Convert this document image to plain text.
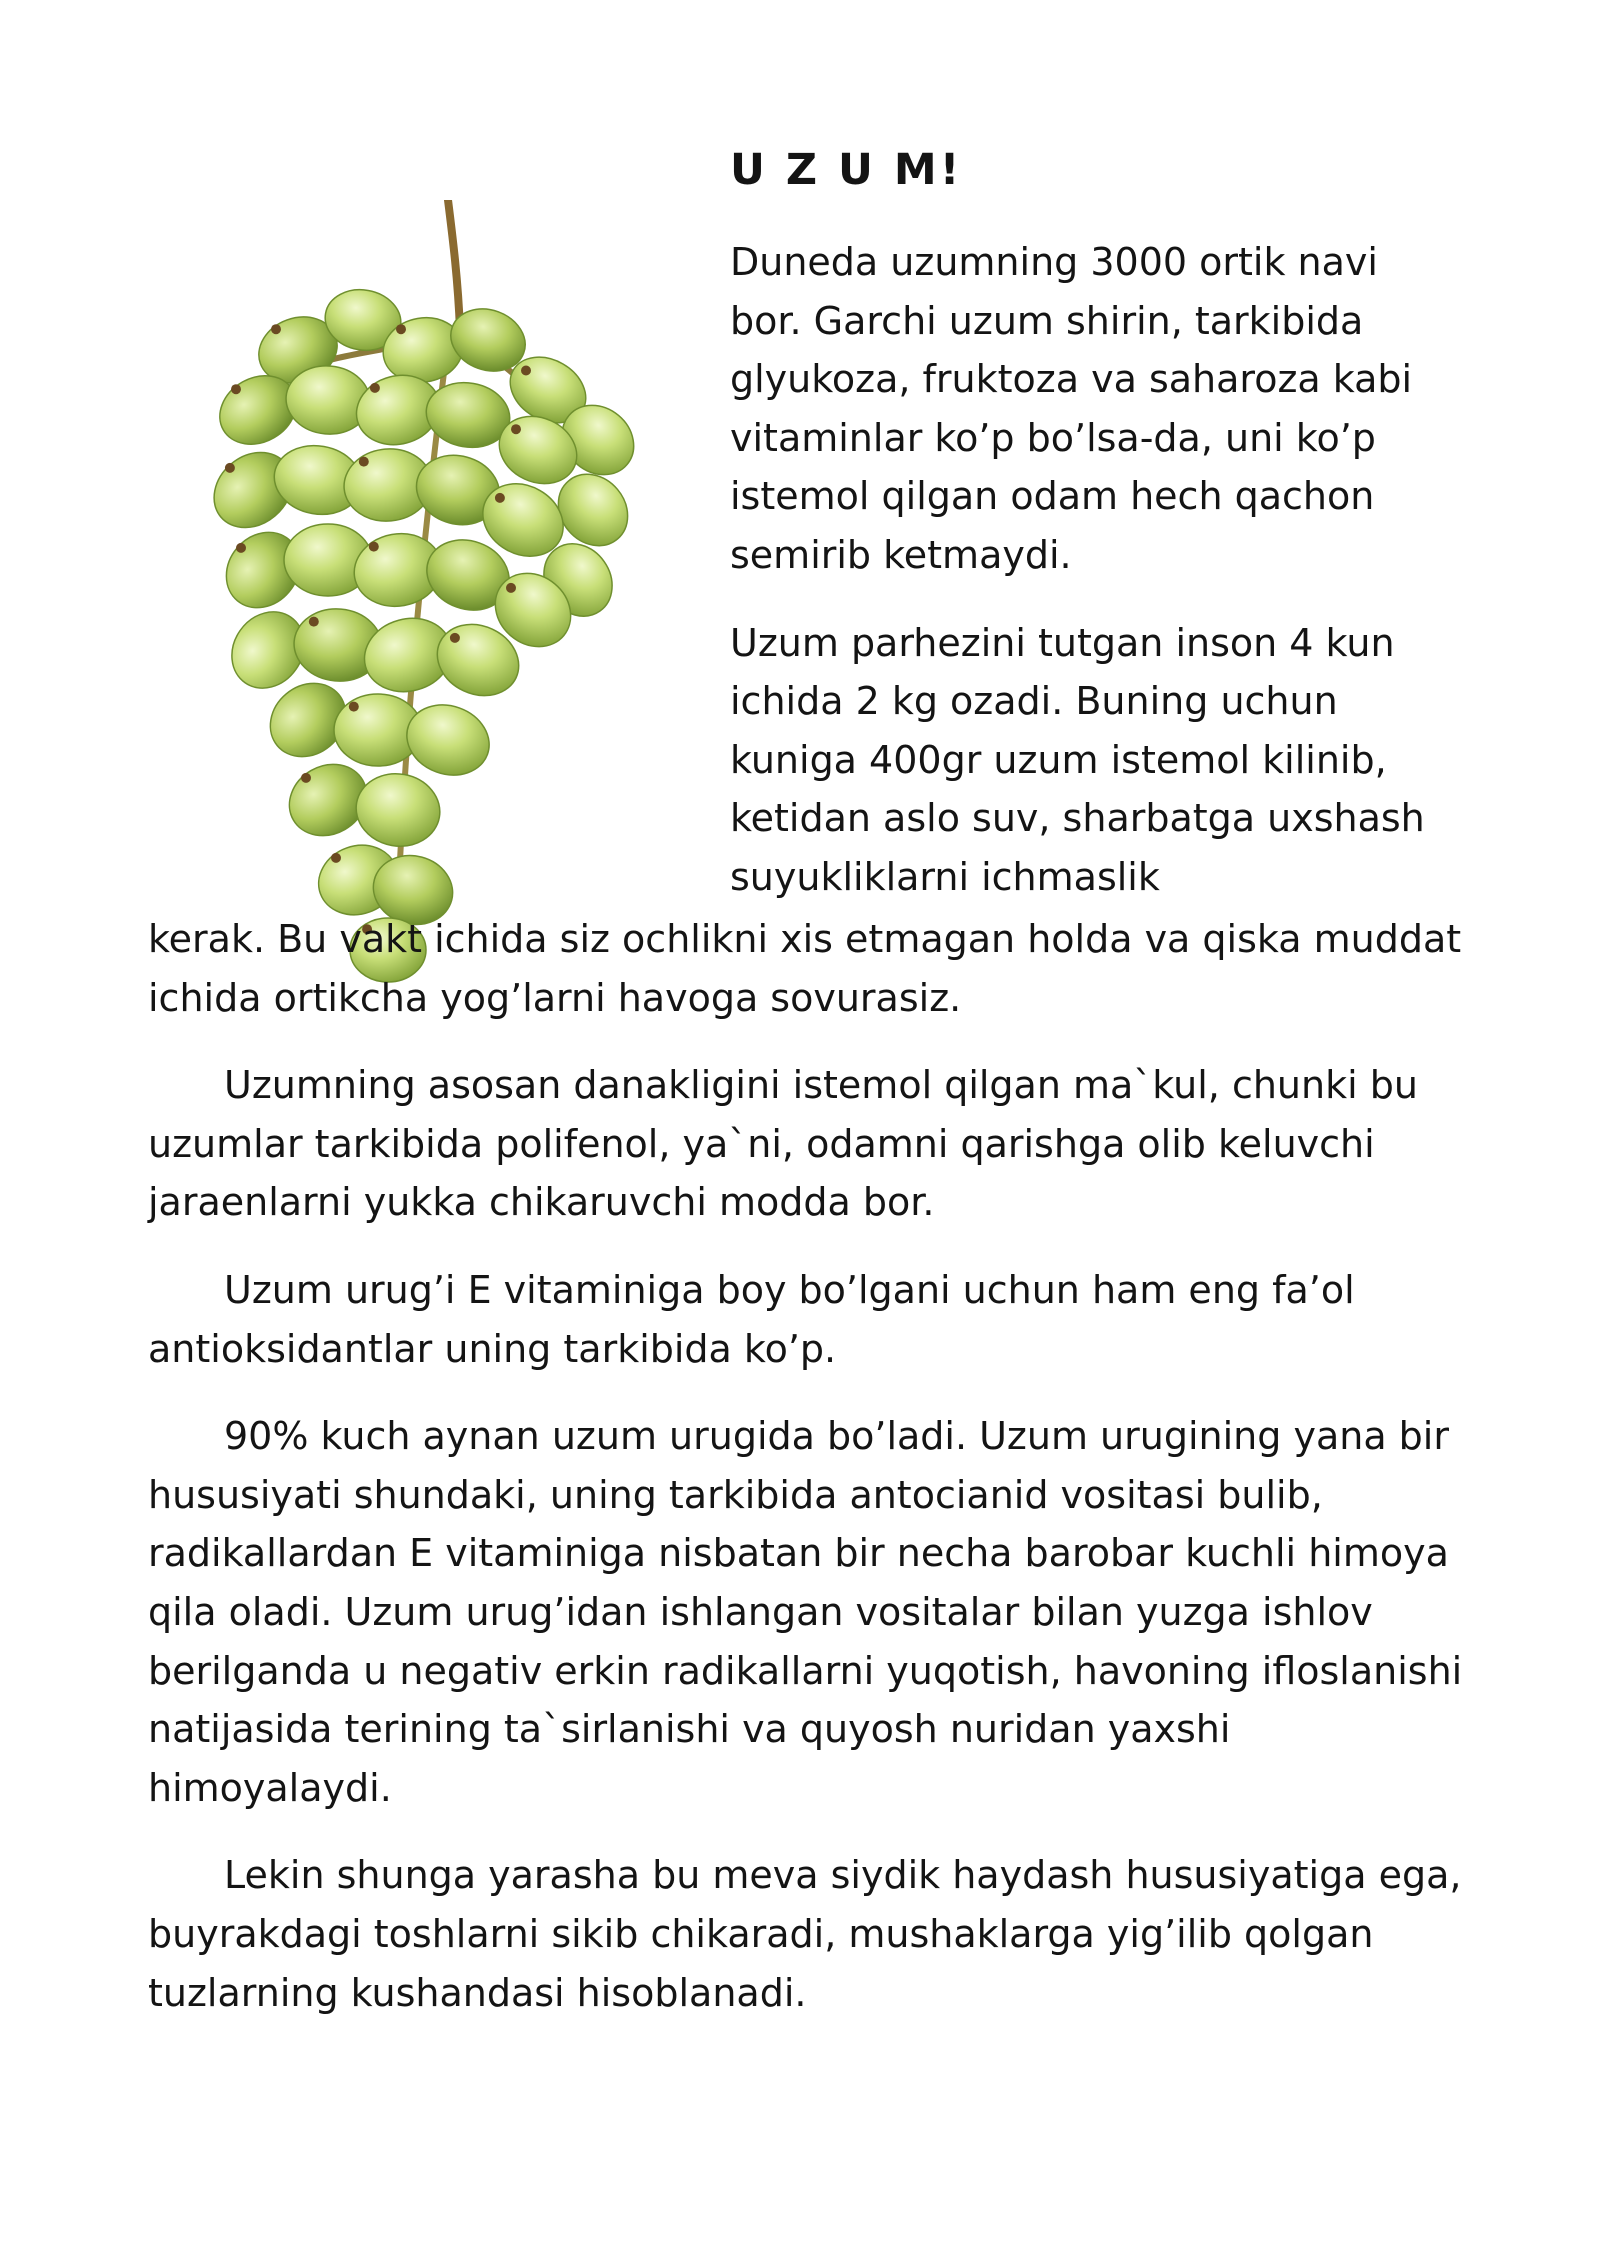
U Z U M!

Duneda uzumning 3000 ortik navi bor. Garchi uzum shirin, tarkibida glyukoza, fruktoza va saharoza kabi vitaminlar ko’p bo’lsa-da, uni ko’p istemol qilgan odam hech qachon semirib ketmaydi.

Uzum parhezini tutgan inson 4 kun ichida 2 kg ozadi. Buning uchun kuniga 400gr uzum istemol kilinib, ketidan aslo suv, sharbatga uxshash suyukliklarni ichmaslik

kerak. Bu vakt ichida siz ochlikni xis etmagan holda va qiska muddat ichida ortikcha yog’larni havoga sovurasiz.

Uzumning asosan danakligini istemol qilgan ma`kul, chunki bu uzumlar tarkibida polifenol, ya`ni, odamni qarishga olib keluvchi jaraenlarni yukka chikaruvchi modda bor.

Uzum urug’i E vitaminiga boy bo’lgani uchun ham eng fa’ol antioksidantlar uning tarkibida ko’p.

90% kuch aynan uzum urugida bo’ladi. Uzum urugining yana bir hususiyati shundaki, uning tarkibida antocianid vositasi bulib, radikallardan E vitaminiga nisbatan bir necha barobar kuchli himoya qila oladi. Uzum urug’idan ishlangan vositalar bilan yuzga ishlov berilganda u negativ erkin radikallarni yuqotish, havoning ifloslanishi natijasida terining ta`sirlanishi va quyosh nuridan yaxshi himoyalaydi.

Lekin shunga yarasha bu meva siydik haydash hususiyatiga ega, buyrakdagi toshlarni sikib chikaradi, mushaklarga yig’ilib qolgan tuzlarning kushandasi hisoblanadi.
